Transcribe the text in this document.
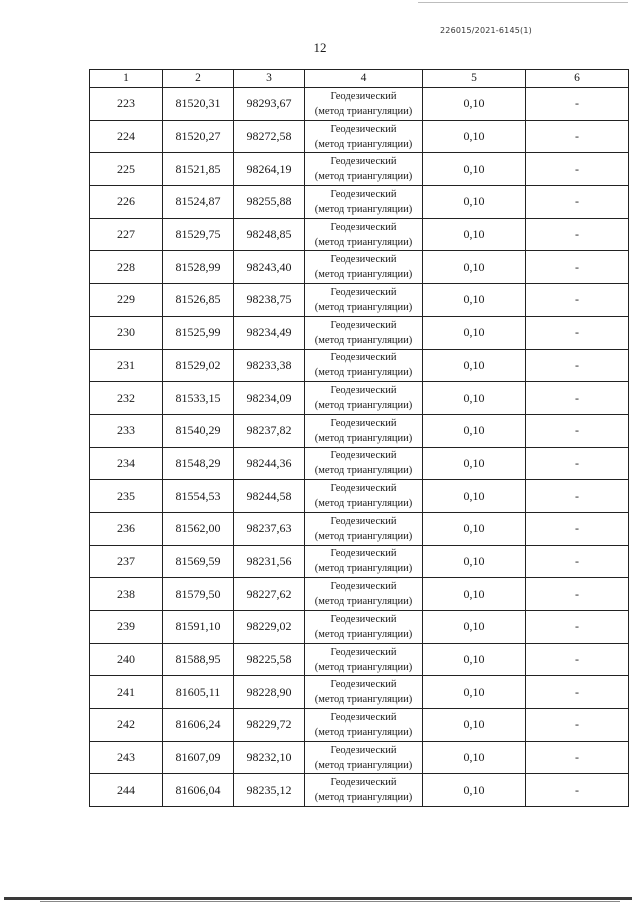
226015/2021-6145(1)
12
1	2	3	4	5	6
223	81520,31	98293,67	Геодезический
(метод триангуляции)	0,10	-
224	81520,27	98272,58	Геодезический
(метод триангуляции)	0,10	-
225	81521,85	98264,19	Геодезический
(метод триангуляции)	0,10	-
226	81524,87	98255,88	Геодезический
(метод триангуляции)	0,10	-
227	81529,75	98248,85	Геодезический
(метод триангуляции)	0,10	-
228	81528,99	98243,40	Геодезический
(метод триангуляции)	0,10	-
229	81526,85	98238,75	Геодезический
(метод триангуляции)	0,10	-
230	81525,99	98234,49	Геодезический
(метод триангуляции)	0,10	-
231	81529,02	98233,38	Геодезический
(метод триангуляции)	0,10	-
232	81533,15	98234,09	Геодезический
(метод триангуляции)	0,10	-
233	81540,29	98237,82	Геодезический
(метод триангуляции)	0,10	-
234	81548,29	98244,36	Геодезический
(метод триангуляции)	0,10	-
235	81554,53	98244,58	Геодезический
(метод триангуляции)	0,10	-
236	81562,00	98237,63	Геодезический
(метод триангуляции)	0,10	-
237	81569,59	98231,56	Геодезический
(метод триангуляции)	0,10	-
238	81579,50	98227,62	Геодезический
(метод триангуляции)	0,10	-
239	81591,10	98229,02	Геодезический
(метод триангуляции)	0,10	-
240	81588,95	98225,58	Геодезический
(метод триангуляции)	0,10	-
241	81605,11	98228,90	Геодезический
(метод триангуляции)	0,10	-
242	81606,24	98229,72	Геодезический
(метод триангуляции)	0,10	-
243	81607,09	98232,10	Геодезический
(метод триангуляции)	0,10	-
244	81606,04	98235,12	Геодезический
(метод триангуляции)	0,10	-
